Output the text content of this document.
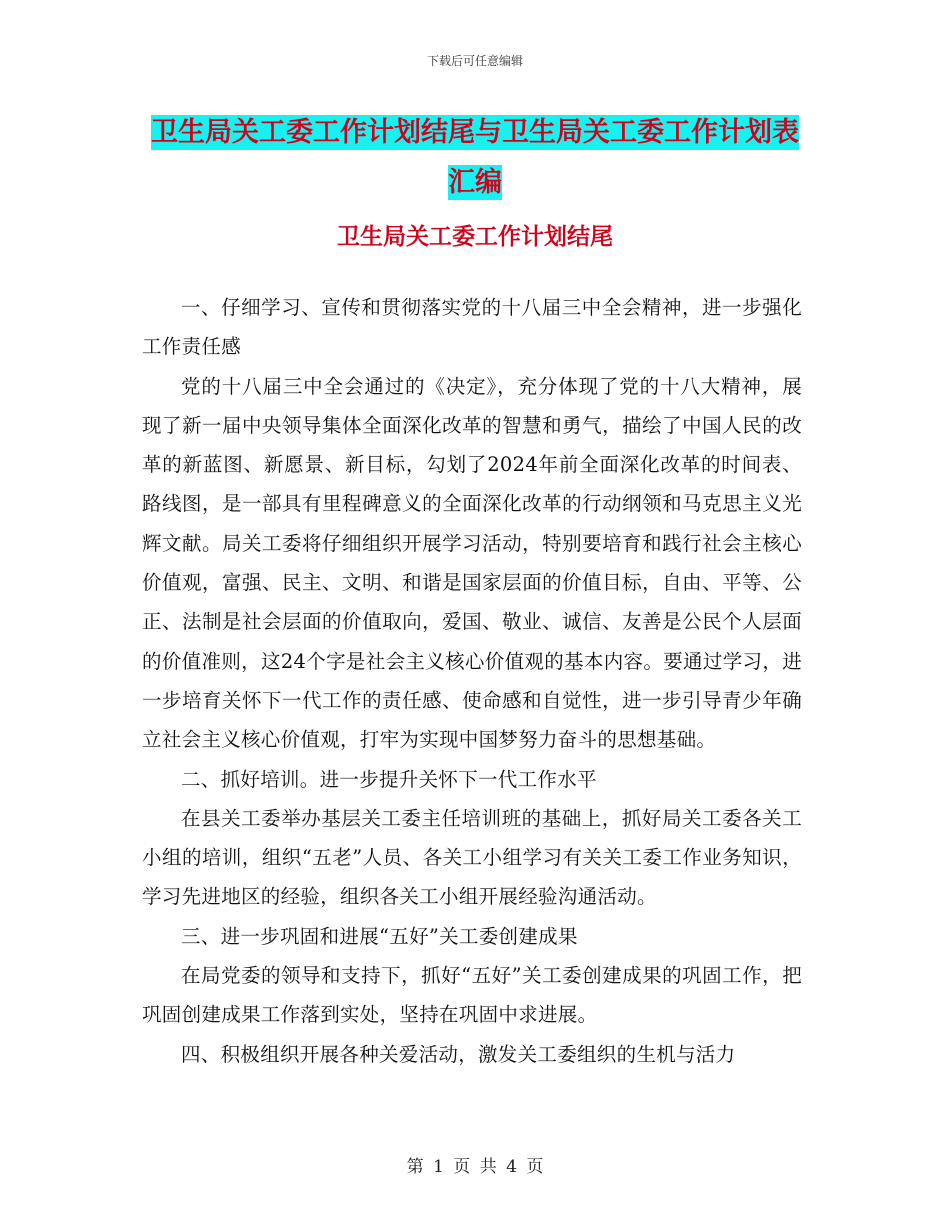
下载后可任意编辑
卫生局关工委工作计划结尾与卫生局关工委工作计划表汇编
卫生局关工委工作计划结尾

一、仔细学习、宣传和贯彻落实党的十八届三中全会精神，进一步强化工作责任感

党的十八届三中全会通过的《决定》，充分体现了党的十八大精神，展现了新一届中央领导集体全面深化改革的智慧和勇气，描绘了中国人民的改革的新蓝图、新愿景、新目标，勾划了2024年前全面深化改革的时间表、路线图，是一部具有里程碑意义的全面深化改革的行动纲领和马克思主义光辉文献。局关工委将仔细组织开展学习活动，特别要培育和践行社会主核心价值观，富强、民主、文明、和谐是国家层面的价值目标，自由、平等、公正、法制是社会层面的价值取向，爱国、敬业、诚信、友善是公民个人层面的价值准则，这24个字是社会主义核心价值观的基本内容。要通过学习，进一步培育关怀下一代工作的责任感、使命感和自觉性，进一步引导青少年确立社会主义核心价值观，打牢为实现中国梦努力奋斗的思想基础。

二、抓好培训。进一步提升关怀下一代工作水平

在县关工委举办基层关工委主任培训班的基础上，抓好局关工委各关工小组的培训，组织“五老”人员、各关工小组学习有关关工委工作业务知识，学习先进地区的经验，组织各关工小组开展经验沟通活动。

三、进一步巩固和进展“五好”关工委创建成果

在局党委的领导和支持下，抓好“五好”关工委创建成果的巩固工作，把巩固创建成果工作落到实处，坚持在巩固中求进展。

四、积极组织开展各种关爱活动，激发关工委组织的生机与活力

第 1 页 共 4 页
